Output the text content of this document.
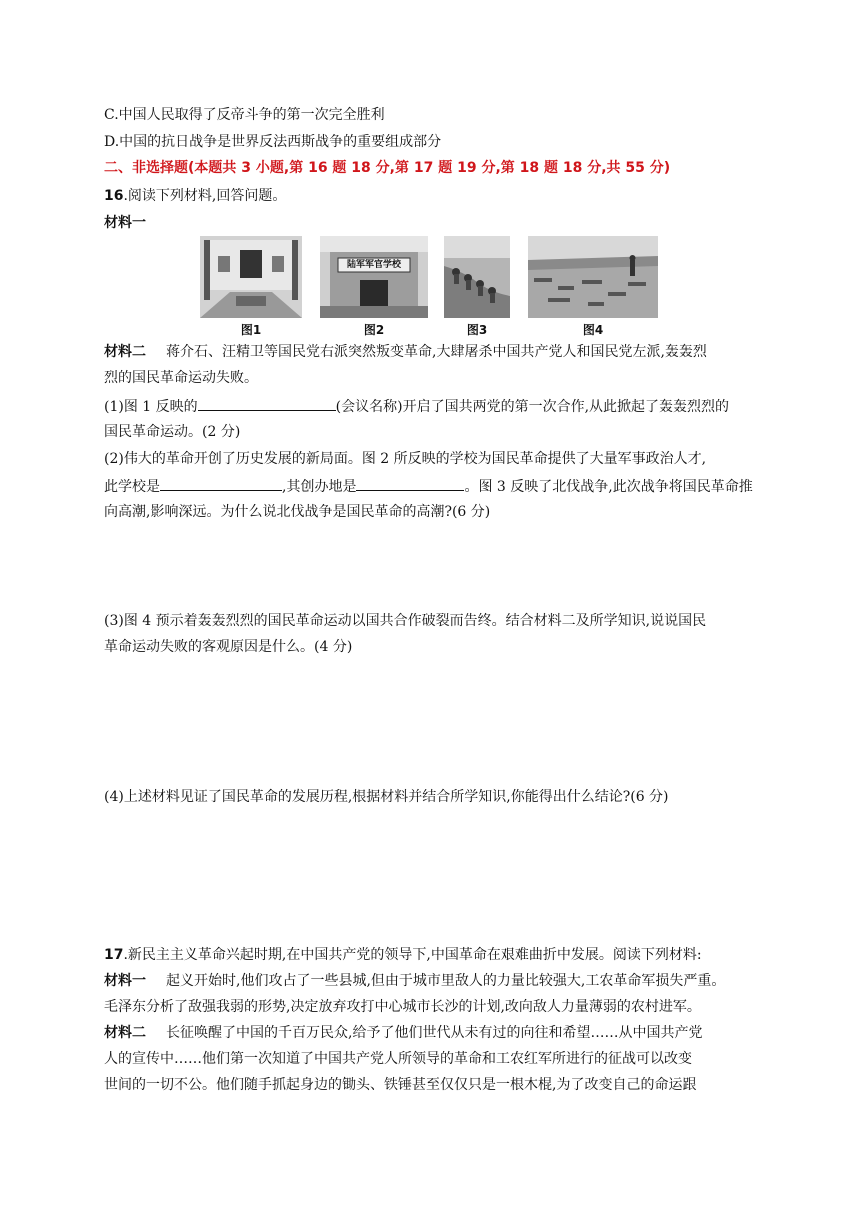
C.中国人民取得了反帝斗争的第一次完全胜利
D.中国的抗日战争是世界反法西斯战争的重要组成部分
二、非选择题(本题共 3 小题,第 16 题 18 分,第 17 题 19 分,第 18 题 18 分,共 55 分)
16.阅读下列材料,回答问题。
材料一
图1
陆军军官学校
图2	图3	图4
材料二 蒋介石、汪精卫等国民党右派突然叛变革命,大肆屠杀中国共产党人和国民党左派,轰轰烈
烈的国民革命运动失败。
(1)图 1 反映的	(会议名称)开启了国共两党的第一次合作,从此掀起了轰轰烈烈的
国民革命运动。(2 分)
(2)伟大的革命开创了历史发展的新局面。图 2 所反映的学校为国民革命提供了大量军事政治人才,
此学校是	,其创办地是	。图 3 反映了北伐战争,此次战争将国民革命推
向高潮,影响深远。为什么说北伐战争是国民革命的高潮?(6 分)
(3)图 4 预示着轰轰烈烈的国民革命运动以国共合作破裂而告终。结合材料二及所学知识,说说国民
革命运动失败的客观原因是什么。(4 分)
(4)上述材料见证了国民革命的发展历程,根据材料并结合所学知识,你能得出什么结论?(6 分)
17.新民主主义革命兴起时期,在中国共产党的领导下,中国革命在艰难曲折中发展。阅读下列材料:
材料一 起义开始时,他们攻占了一些县城,但由于城市里敌人的力量比较强大,工农革命军损失严重。
毛泽东分析了敌强我弱的形势,决定放弃攻打中心城市长沙的计划,改向敌人力量薄弱的农村进军。
材料二 长征唤醒了中国的千百万民众,给予了他们世代从未有过的向往和希望……从中国共产党
人的宣传中……他们第一次知道了中国共产党人所领导的革命和工农红军所进行的征战可以改变
世间的一切不公。他们随手抓起身边的锄头、铁锤甚至仅仅只是一根木棍,为了改变自己的命运跟
